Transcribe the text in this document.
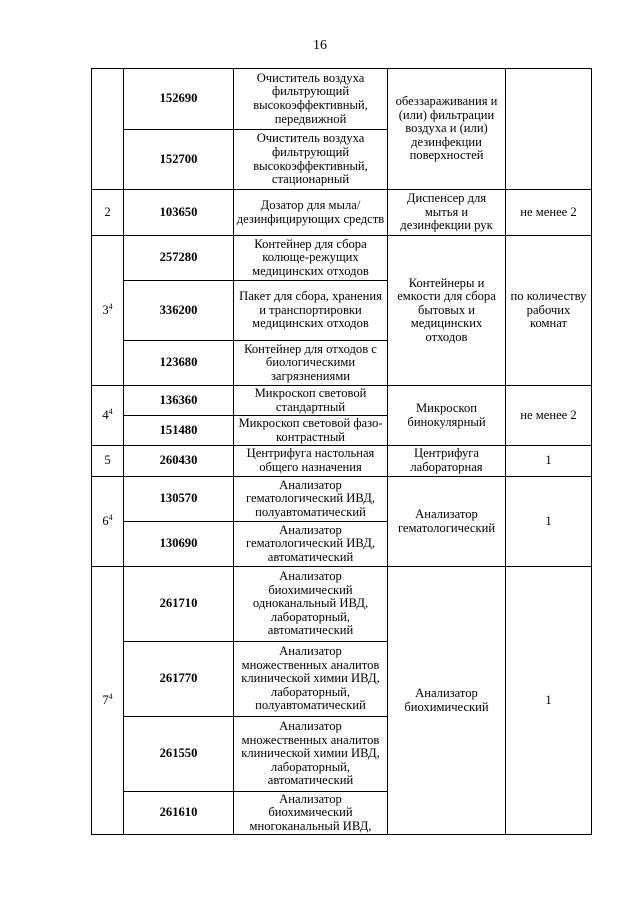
16
	152690	Очиститель воздуха фильтрующий высокоэффективный, передвижной	обеззараживания и (или) фильтрации воздуха и (или) дезинфекции поверхностей	
	152700	Очиститель воздуха фильтрующий высокоэффективный, стационарный		
2	103650	Дозатор для мыла/ дезинфицирующих средств	Диспенсер для мытья и дезинфекции рук	не менее 2
$3^4$	257280	Контейнер для сбора колюще-режущих медицинских отходов	Контейнеры и емкости для сбора бытовых и медицинских отходов	по количеству рабочих комнат
	336200	Пакет для сбора, хранения и транспортировки медицинских отходов		
	123680	Контейнер для отходов с биологическими загрязнениями		
$4^4$	136360	Микроскоп световой стандартный	Микроскоп бинокулярный	не менее 2
	151480	Микроскоп световой фазо-контрастный		
5	260430	Центрифуга настольная общего назначения	Центрифуга лабораторная	1
$6^4$	130570	Анализатор гематологический ИВД, полуавтоматический	Анализатор гематологический	1
	130690	Анализатор гематологический ИВД, автоматический		
$7^4$	261710	Анализатор биохимический одноканальный ИВД, лабораторный, автоматический	Анализатор биохимический	1
	261770	Анализатор множественных аналитов клинической химии ИВД, лабораторный, полуавтоматический		
	261550	Анализатор множественных аналитов клинической химии ИВД, лабораторный, автоматический		
	261610	Анализатор биохимический многоканальный ИВД,		
